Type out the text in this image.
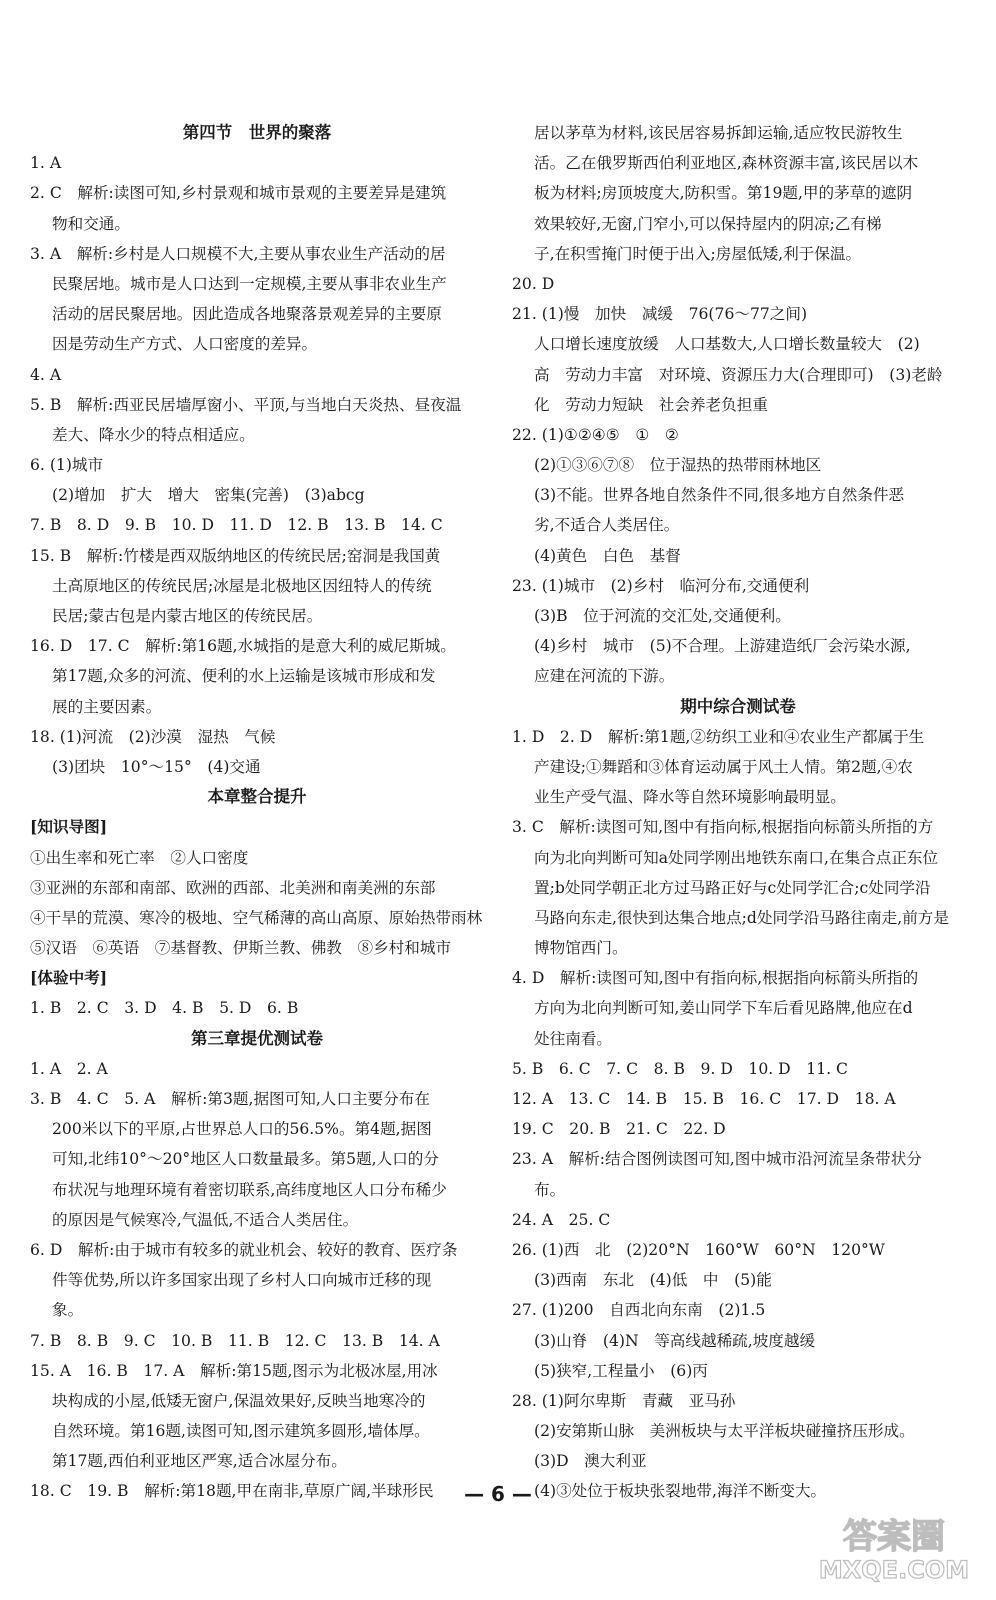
第四节　世界的聚落
1. A
2. C　解析:读图可知,乡村景观和城市景观的主要差异是建筑
物和交通。
3. A　解析:乡村是人口规模不大,主要从事农业生产活动的居
民聚居地。城市是人口达到一定规模,主要从事非农业生产
活动的居民聚居地。因此造成各地聚落景观差异的主要原
因是劳动生产方式、人口密度的差异。
4. A
5. B　解析:西亚民居墙厚窗小、平顶,与当地白天炎热、昼夜温
差大、降水少的特点相适应。
6. (1)城市
(2)增加　扩大　增大　密集(完善)　(3)abcg
7. B　8. D　9. B　10. D　11. D　12. B　13. B　14. C
15. B　解析:竹楼是西双版纳地区的传统民居;窑洞是我国黄
土高原地区的传统民居;冰屋是北极地区因纽特人的传统
民居;蒙古包是内蒙古地区的传统民居。
16. D　17. C　解析:第16题,水城指的是意大利的威尼斯城。
第17题,众多的河流、便利的水上运输是该城市形成和发
展的主要因素。
18. (1)河流　(2)沙漠　湿热　气候
(3)团块　10°～15°　(4)交通
本章整合提升
[知识导图]
①出生率和死亡率　②人口密度
③亚洲的东部和南部、欧洲的西部、北美洲和南美洲的东部
④干旱的荒漠、寒冷的极地、空气稀薄的高山高原、原始热带雨林
⑤汉语　⑥英语　⑦基督教、伊斯兰教、佛教　⑧乡村和城市
[体验中考]
1. B　2. C　3. D　4. B　5. D　6. B
第三章提优测试卷
1. A　2. A
3. B　4. C　5. A　解析:第3题,据图可知,人口主要分布在
200米以下的平原,占世界总人口的56.5%。第4题,据图
可知,北纬10°～20°地区人口数量最多。第5题,人口的分
布状况与地理环境有着密切联系,高纬度地区人口分布稀少
的原因是气候寒冷,气温低,不适合人类居住。
6. D　解析:由于城市有较多的就业机会、较好的教育、医疗条
件等优势,所以许多国家出现了乡村人口向城市迁移的现
象。
7. B　8. B　9. C　10. B　11. B　12. C　13. B　14. A
15. A　16. B　17. A　解析:第15题,图示为北极冰屋,用冰
块构成的小屋,低矮无窗户,保温效果好,反映当地寒冷的
自然环境。第16题,读图可知,图示建筑多圆形,墙体厚。
第17题,西伯利亚地区严寒,适合冰屋分布。
18. C　19. B　解析:第18题,甲在南非,草原广阔,半球形民
居以茅草为材料,该民居容易拆卸运输,适应牧民游牧生
活。乙在俄罗斯西伯利亚地区,森林资源丰富,该民居以木
板为材料;房顶坡度大,防积雪。第19题,甲的茅草的遮阴
效果较好,无窗,门窄小,可以保持屋内的阴凉;乙有梯
子,在积雪掩门时便于出入;房屋低矮,利于保温。
20. D
21. (1)慢　加快　减缓　76(76～77之间)
人口增长速度放缓　人口基数大,人口增长数量较大　(2)
高　劳动力丰富　对环境、资源压力大(合理即可)　(3)老龄
化　劳动力短缺　社会养老负担重
22. (1)①②④⑤　①　②
(2)①③⑥⑦⑧　位于湿热的热带雨林地区
(3)不能。世界各地自然条件不同,很多地方自然条件恶
劣,不适合人类居住。
(4)黄色　白色　基督
23. (1)城市　(2)乡村　临河分布,交通便利
(3)B　位于河流的交汇处,交通便利。
(4)乡村　城市　(5)不合理。上游建造纸厂会污染水源,
应建在河流的下游。
期中综合测试卷
1. D　2. D　解析:第1题,②纺织工业和④农业生产都属于生
产建设;①舞蹈和③体育运动属于风土人情。第2题,④农
业生产受气温、降水等自然环境影响最明显。
3. C　解析:读图可知,图中有指向标,根据指向标箭头所指的方
向为北向判断可知a处同学刚出地铁东南口,在集合点正东位
置;b处同学朝正北方过马路正好与c处同学汇合;c处同学沿
马路向东走,很快到达集合地点;d处同学沿马路往南走,前方是
博物馆西门。
4. D　解析:读图可知,图中有指向标,根据指向标箭头所指的
方向为北向判断可知,姜山同学下车后看见路牌,他应在d
处往南看。
5. B　6. C　7. C　8. B　9. D　10. D　11. C
12. A　13. C　14. B　15. B　16. C　17. D　18. A
19. C　20. B　21. C　22. D
23. A　解析:结合图例读图可知,图中城市沿河流呈条带状分
布。
24. A　25. C
26. (1)西　北　(2)20°N　160°W　60°N　120°W
(3)西南　东北　(4)低　中　(5)能
27. (1)200　自西北向东南　(2)1.5
(3)山脊　(4)N　等高线越稀疏,坡度越缓
(5)狭窄,工程量小　(6)丙
28. (1)阿尔卑斯　青藏　亚马孙
(2)安第斯山脉　美洲板块与太平洋板块碰撞挤压形成。
(3)D　澳大利亚
(4)③处位于板块张裂地带,海洋不断变大。
— 6 —
答案圈
MXQE.COM
